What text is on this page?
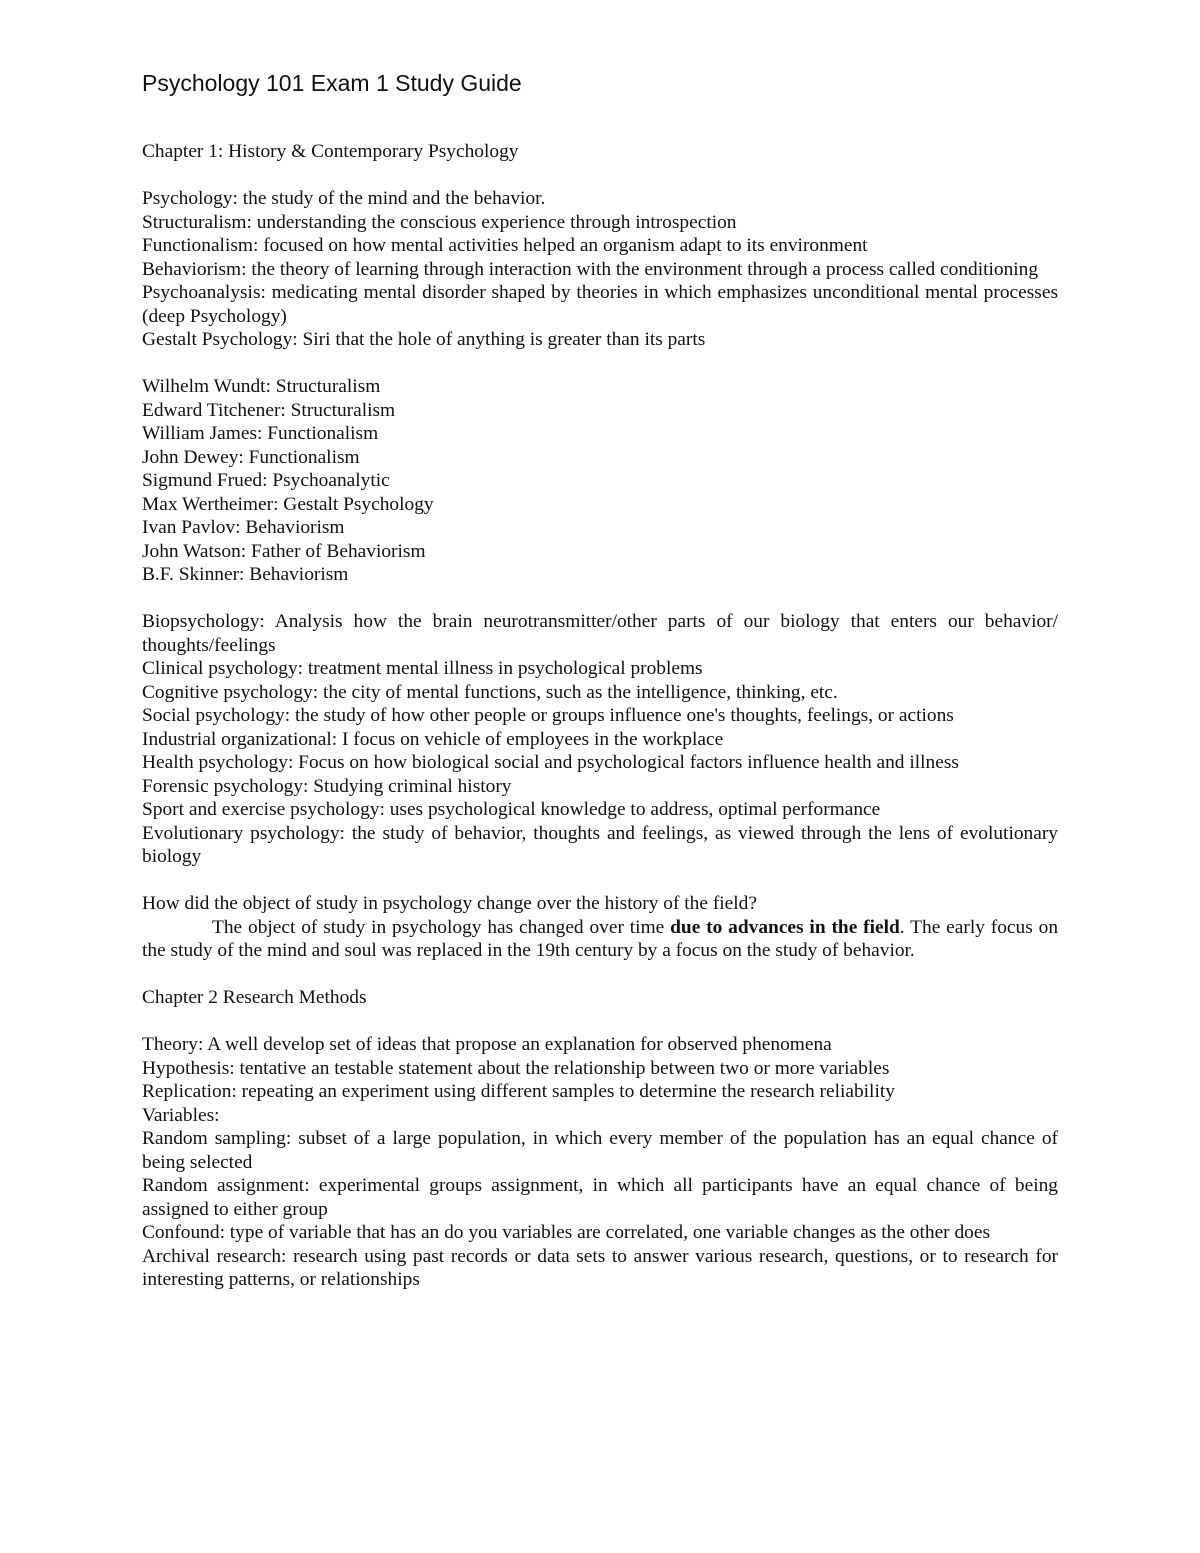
Psychology 101 Exam 1 Study Guide

Chapter 1: History & Contemporary Psychology

Psychology: the study of the mind and the behavior.

Structuralism: understanding the conscious experience through introspection

Functionalism: focused on how mental activities helped an organism adapt to its environment

Behaviorism: the theory of learning through interaction with the environment through a process called conditioning

Psychoanalysis: medicating mental disorder shaped by theories in which emphasizes unconditional mental processes (deep Psychology)

Gestalt Psychology: Siri that the hole of anything is greater than its parts

Wilhelm Wundt: Structuralism

Edward Titchener: Structuralism

William James: Functionalism

John Dewey: Functionalism

Sigmund Frued: Psychoanalytic

Max Wertheimer: Gestalt Psychology

Ivan Pavlov: Behaviorism

John Watson: Father of Behaviorism

B.F. Skinner: Behaviorism

Biopsychology: Analysis how the brain neurotransmitter/other parts of our biology that enters our behavior/ thoughts/feelings

Clinical psychology: treatment mental illness in psychological problems

Cognitive psychology: the city of mental functions, such as the intelligence, thinking, etc.

Social psychology: the study of how other people or groups influence one's thoughts, feelings, or actions

Industrial organizational: I focus on vehicle of employees in the workplace

Health psychology: Focus on how biological social and psychological factors influence health and illness

Forensic psychology: Studying criminal history

Sport and exercise psychology: uses psychological knowledge to address, optimal performance

Evolutionary psychology: the study of behavior, thoughts and feelings, as viewed through the lens of evolutionary biology

How did the object of study in psychology change over the history of the field?

The object of study in psychology has changed over time due to advances in the field. The early focus on the study of the mind and soul was replaced in the 19th century by a focus on the study of behavior.

Chapter 2 Research Methods

Theory: A well develop set of ideas that propose an explanation for observed phenomena

Hypothesis: tentative an testable statement about the relationship between two or more variables

Replication: repeating an experiment using different samples to determine the research reliability

Variables:

Random sampling: subset of a large population, in which every member of the population has an equal chance of being selected

Random assignment: experimental groups assignment, in which all participants have an equal chance of being assigned to either group

Confound: type of variable that has an do you variables are correlated, one variable changes as the other does

Archival research: research using past records or data sets to answer various research, questions, or to research for interesting patterns, or relationships
